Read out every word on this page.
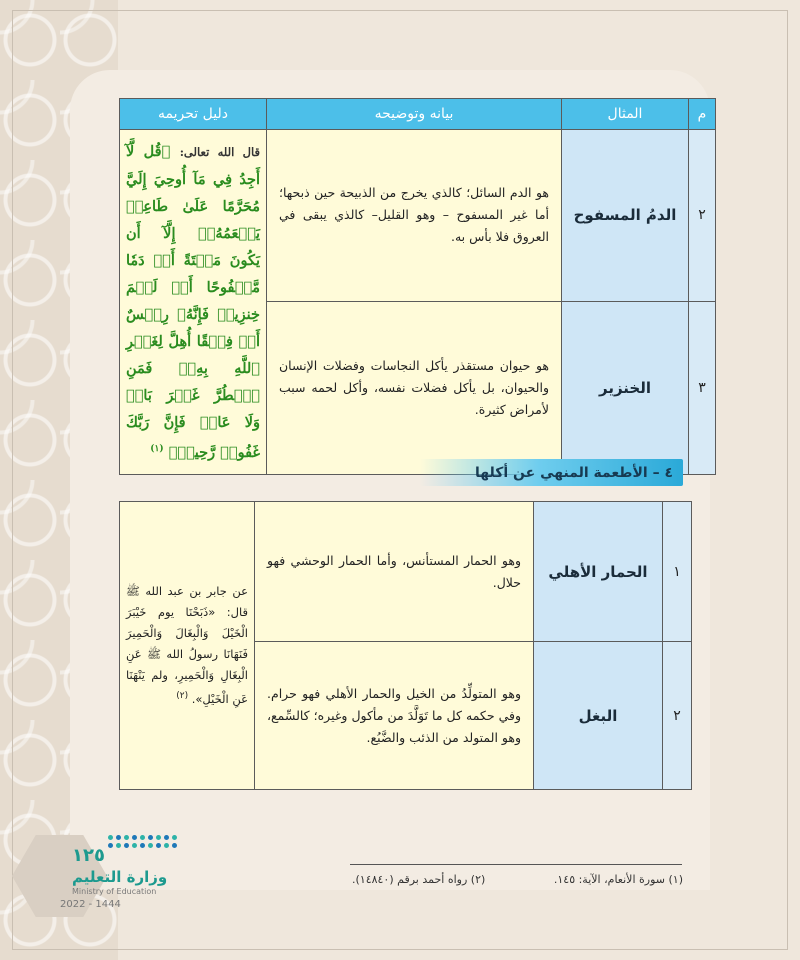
م	المثال	بيانه وتوضيحه	دليل تحريمه
٢	الدمُ المسفوح	هو الدم السائل؛ كالذي يخرج من الذبيحة حين ذبحها؛ أما غير المسفوح – وهو القليل– كالذي يبقى في العروق فلا بأس به.	قال الله تعالى: ﴿قُل لَّآ أَجِدُ فِي مَآ أُوحِيَ إِلَيَّ مُحَرَّمًا عَلَىٰ طَاعِمٖ يَطۡعَمُهُۥٓ إِلَّآ أَن يَكُونَ مَيۡتَةً أَوۡ دَمٗا مَّسۡفُوحًا أَوۡ لَحۡمَ خِنزِيرٖ فَإِنَّهُۥ رِجۡسٌ أَوۡ فِسۡقًا أُهِلَّ لِغَيۡرِ ٱللَّهِ بِهِۦۚ فَمَنِ ٱضۡطُرَّ غَيۡرَ بَاغٖ وَلَا عَادٖ فَإِنَّ رَبَّكَ غَفُورٞ رَّحِيمٞ﴾ $^{(١)}$

٣	الخنزير	هو حيوان مستقذر يأكل النجاسات وفضلات الإنسان والحيوان، بل يأكل فضلات نفسه، وأكل لحمه سبب لأمراض كثيرة.	
٤ – الأطعمة المنهي عن أكلها
١	الحمار الأهلي	وهو الحمار المستأنس، وأما الحمار الوحشي فهو حلال.	عن جابر بن عبد الله ﷺ قال: «ذَبَحْنَا يوم خَيْبَرَ الْخَيْلَ وَالْبِغَالَ وَالْحَمِيرَ فَنَهَانَا رسولُ الله ﷺ عَنِ الْبِغَالِ وَالْحَمِيرِ، ولم يَنْهَنَا عَنِ الْخَيْلِ». $^{(٢)}$

٢	البغل	وهو المتولِّدُ من الخيل والحمار الأهلي فهو حرام. وفي حكمه كل ما تَوَلَّدَ من مأكول وغيره؛ كالسِّمع، وهو المتولد من الذئب والضَّبُع.	
(١) سورة الأنعام، الآية: ١٤٥.
(٢) رواه أحمد برقم (١٤٨٤٠).
١٢٥
وزارة التعليم
Ministry of Education
2022 - 1444
